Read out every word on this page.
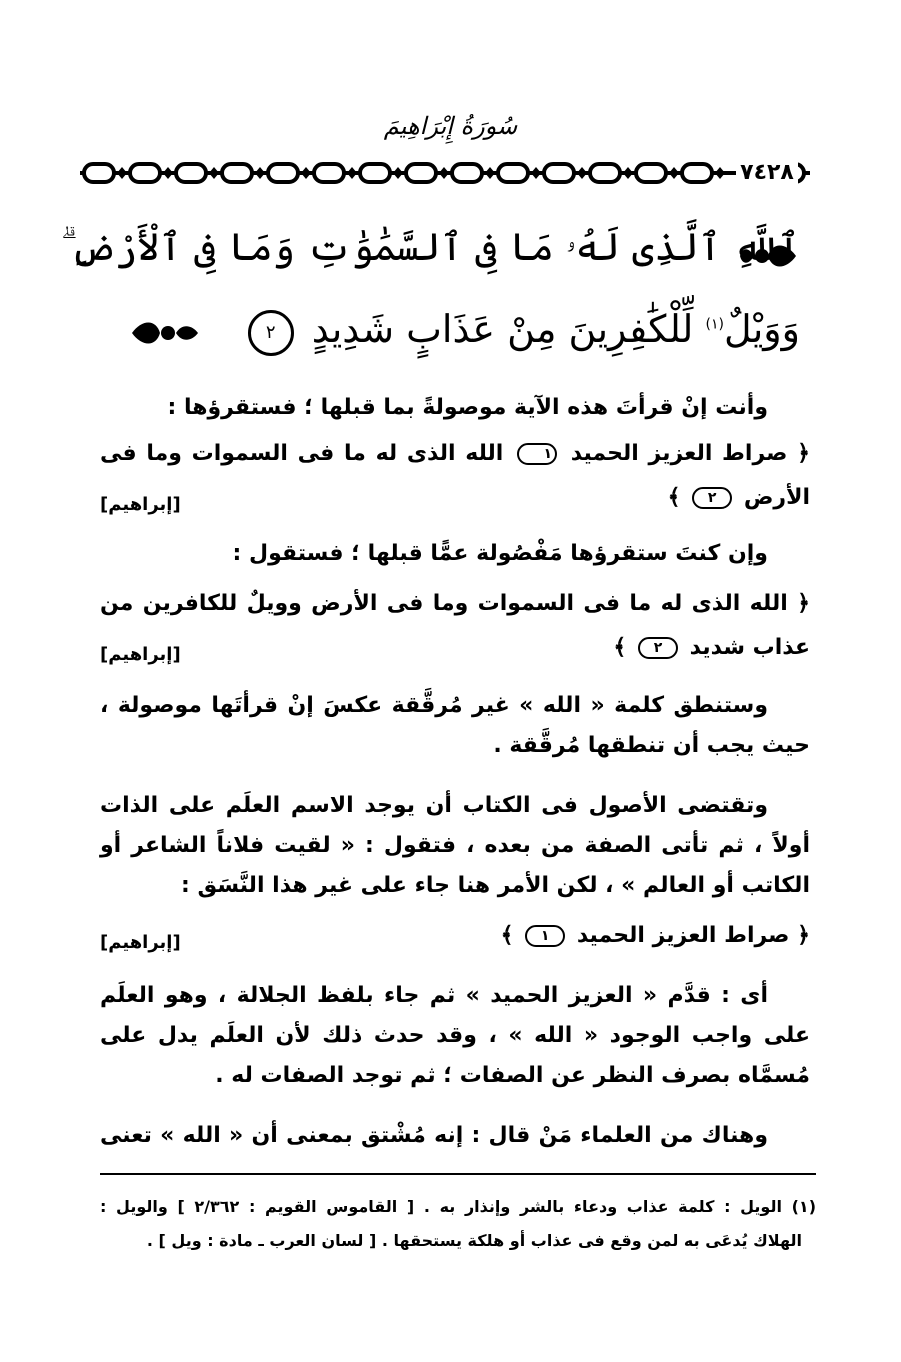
سُورَةُ إِبْرَاهِيمَ
٧٤٢٨
ٱللَّهِ ٱلَّذِى لَهُۥ مَا فِى ٱلسَّمَٰوَٰتِ وَمَا فِى ٱلْأَرْضِ ۗ
وَوَيْلٌ$^{(١)}$ لِّلْكَٰفِرِينَ مِنْ عَذَابٍ شَدِيدٍ ٢
وأنت إنْ قرأتَ هذه الآية موصولةً بما قبلها ؛ فستقرؤها :
﴿ صراط العزيز الحميد ١ الله الذى له ما فى السموات وما فى
الأرض ٢ ﴾
وإن كنتَ ستقرؤها مَفْصُولة عمًّا قبلها ؛ فستقول :
﴿ الله الذى له ما فى السموات وما فى الأرض وويلٌ للكافرين من
عذاب شديد ٢ ﴾
وستنطق كلمة « الله » غير مُرقَّقة عكسَ إنْ قرأتَها موصولة ،
حيث يجب أن تنطقها مُرقَّقة .
وتقتضى الأصول فى الكتاب أن يوجد الاسم العلَم على الذات
أولاً ، ثم تأتى الصفة من بعده ، فتقول : « لقيت فلاناً الشاعر أو
الكاتب أو العالم » ، لكن الأمر هنا جاء على غير هذا النَّسَق :
﴿ صراط العزيز الحميد ١ ﴾
أى : قدَّم « العزيز الحميد » ثم جاء بلفظ الجلالة ، وهو العلَم
على واجب الوجود « الله » ، وقد حدث ذلك لأن العلَم يدل على
مُسمَّاه بصرف النظر عن الصفات ؛ ثم توجد الصفات له .
وهناك من العلماء مَنْ قال : إنه مُشْتق بمعنى أن « الله » تعنى
[إبراهيم]
[إبراهيم]
[إبراهيم]
(١) الويل : كلمة عذاب ودعاء بالشر وإنذار به . [ القاموس القويم : ٢/٣٦٢ ] والويل :
الهلاك يُدعَى به لمن وقع فى عذاب أو هلكة يستحقها . [ لسان العرب ـ مادة : ويل ] .
